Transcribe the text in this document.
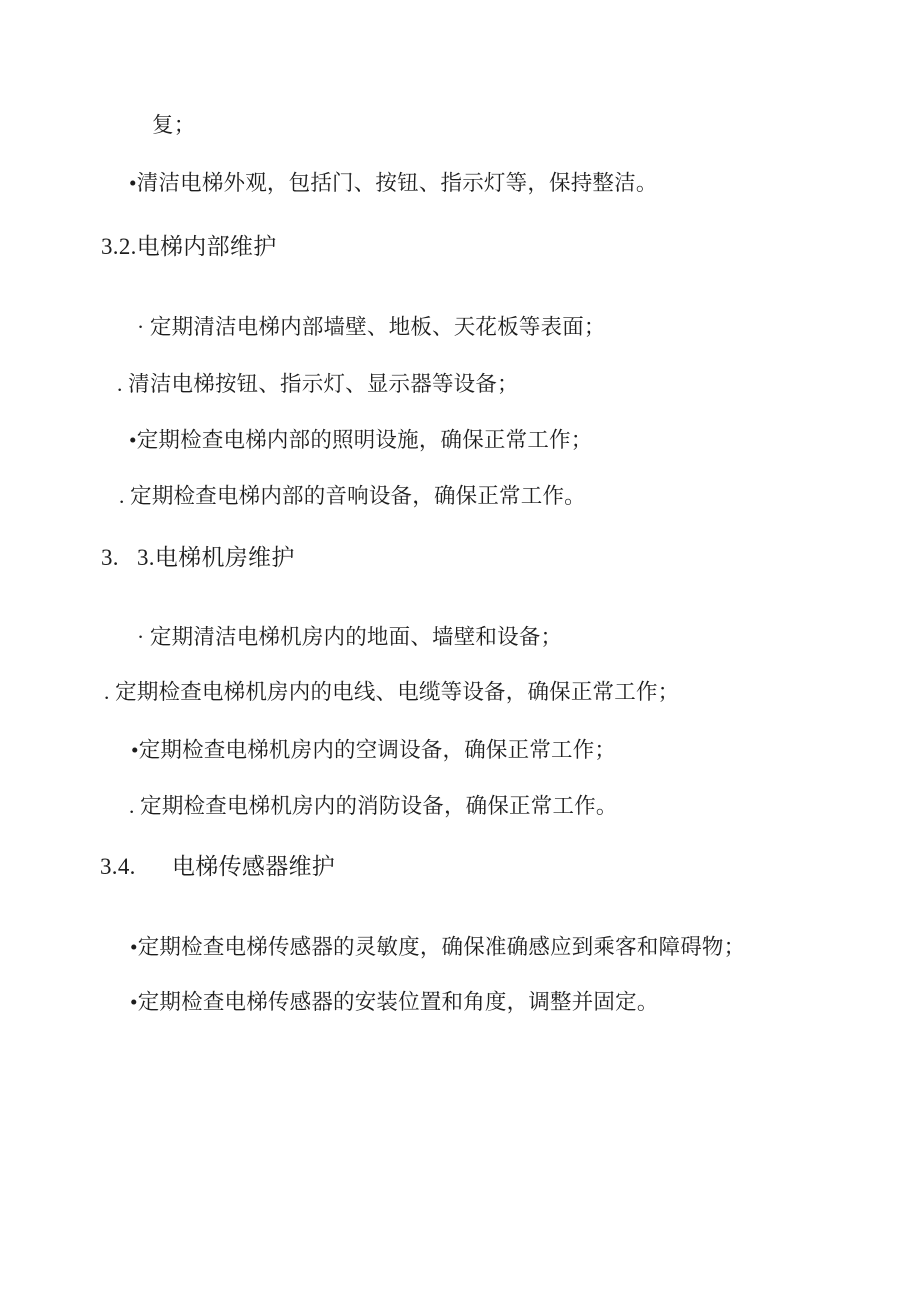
复；

•清洁电梯外观，包括门、按钮、指示灯等，保持整洁。

3.2.电梯内部维护

· 定期清洁电梯内部墙壁、地板、天花板等表面；

. 清洁电梯按钮、指示灯、显示器等设备；

•定期检查电梯内部的照明设施，确保正常工作；

. 定期检查电梯内部的音响设备，确保正常工作。

3.   3.电梯机房维护

· 定期清洁电梯机房内的地面、墙壁和设备；

. 定期检查电梯机房内的电线、电缆等设备，确保正常工作；

•定期检查电梯机房内的空调设备，确保正常工作；

. 定期检查电梯机房内的消防设备，确保正常工作。

3.4.      电梯传感器维护

•定期检查电梯传感器的灵敏度，确保准确感应到乘客和障碍物；

•定期检查电梯传感器的安装位置和角度，调整并固定。
